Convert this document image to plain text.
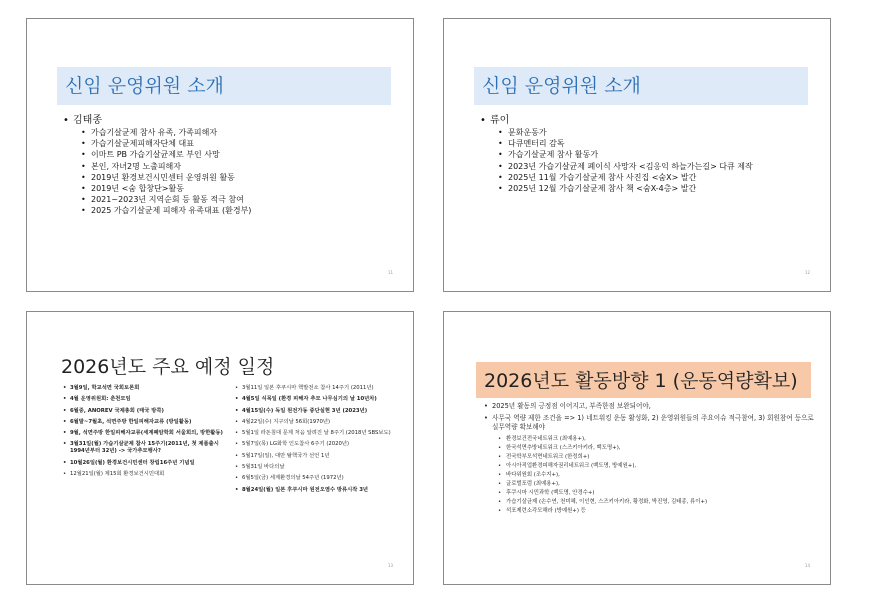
신임 운영위원 소개

• 김태종

• 가습기살균제 참사 유족, 가족피해자

• 가습기살균제피해자단체 대표

• 이마트 PB 가습기살균제로 부인 사망

• 본인, 자녀2명 노출피해자

• 2019년 환경보건시민센터 운영위원 활동

• 2019년 <숨 합창단>활동

• 2021~2023년 지역순회 등 활동 적극 참여

• 2025 가습기살균제 피해자 유족대표 (환경부)

11
신임 운영위원 소개

• 류이

• 문화운동가

• 다큐멘터리 감독

• 가습기살균제 참사 활동가

• 2023년 가습기살균제 폐이식 사망자 <김응익 하늘가는길> 다큐 제작

• 2025년 11월 가습기살균제 참사 사진집 <숨X> 발간

• 2025년 12월 가습기살균제 참사 책 <숨X-4층> 발간

12
2026년도 주요 예정 일정

• 3월9일, 학교석면 국회토론회

• 4월 운영위원회: 춘천모임

• 6월중, ANOREV 국제총회 (태국 방콕)

• 6월말~7월초, 석면주방 한일피해자교류 (방일활동)

• 9월, 석면주방 한일피해자교류(세계폐암학회 서울회의, 방한활동)

• 3월31일(월) 가습기살균제 참사 15주기(2011년, 첫 제품출시1994년부터 32년) -> 국가추모행사?

• 10월26일(월) 환경보건시민센터 창립16주년 기념일

• 12월21일(월) 제15회 환경보건시민대회

• 3월11일 일본 후쿠시마 핵발전소 참사 14주기 (2011년)

• 4월5일 식목일 (환경 피해자 추모 나무심기의 날 10년차)

• 4월15일(수) 독일 원전가동 중단실현 3년 (2023년)

• 4월22일(수) 지구의날 56회(1970년)

• 5월1일 라돈침대 문제 처음 알려진 날 8주기 (2018년 SBS보도)

• 5월7일(목) LG화학 인도참사 6주기 (2020년)

• 5월17일(일), 대만 탈핵국가 선언 1년

• 5월31일 바다의날

• 6월5일(금) 세계환경의날 54주년 (1972년)

• 8월24일(월) 일본 후쿠시마 원전오염수 방류시작 3년

13
2026년도 활동방향 1 (운동역량확보)

• 2025년 활동의 긍정점 이어지고, 부족한점 보완되어야,

• 사무국 역량 제한 조건을 => 1) 네트워킹 운동 활성화, 2) 운영위원들의 주요이슈 적극참여, 3) 회원참여 등으로 실무역량 확보해야

• 환경보건전국네트워크 (최예용+),

• 한국석면추방네트워크 (스즈키아키라, 백도명+),

• 전국학부모석면네트워크 (한정희+)

• 아시아직업환경피해자권리네트워크 (백도명, 방예원+),

• 바다위원회 (조수지+),

• 글로벌포럼 (최예용+),

• 후쿠시마 시민과학 (백도명, 안경수+)

• 가습기살균제 (손수연, 천미혜, 이인현, 스즈키아키라, 황정화, 박진영, 김태종, 류이+)

• 석포제련소각모해라 (방예원+) 등

14
